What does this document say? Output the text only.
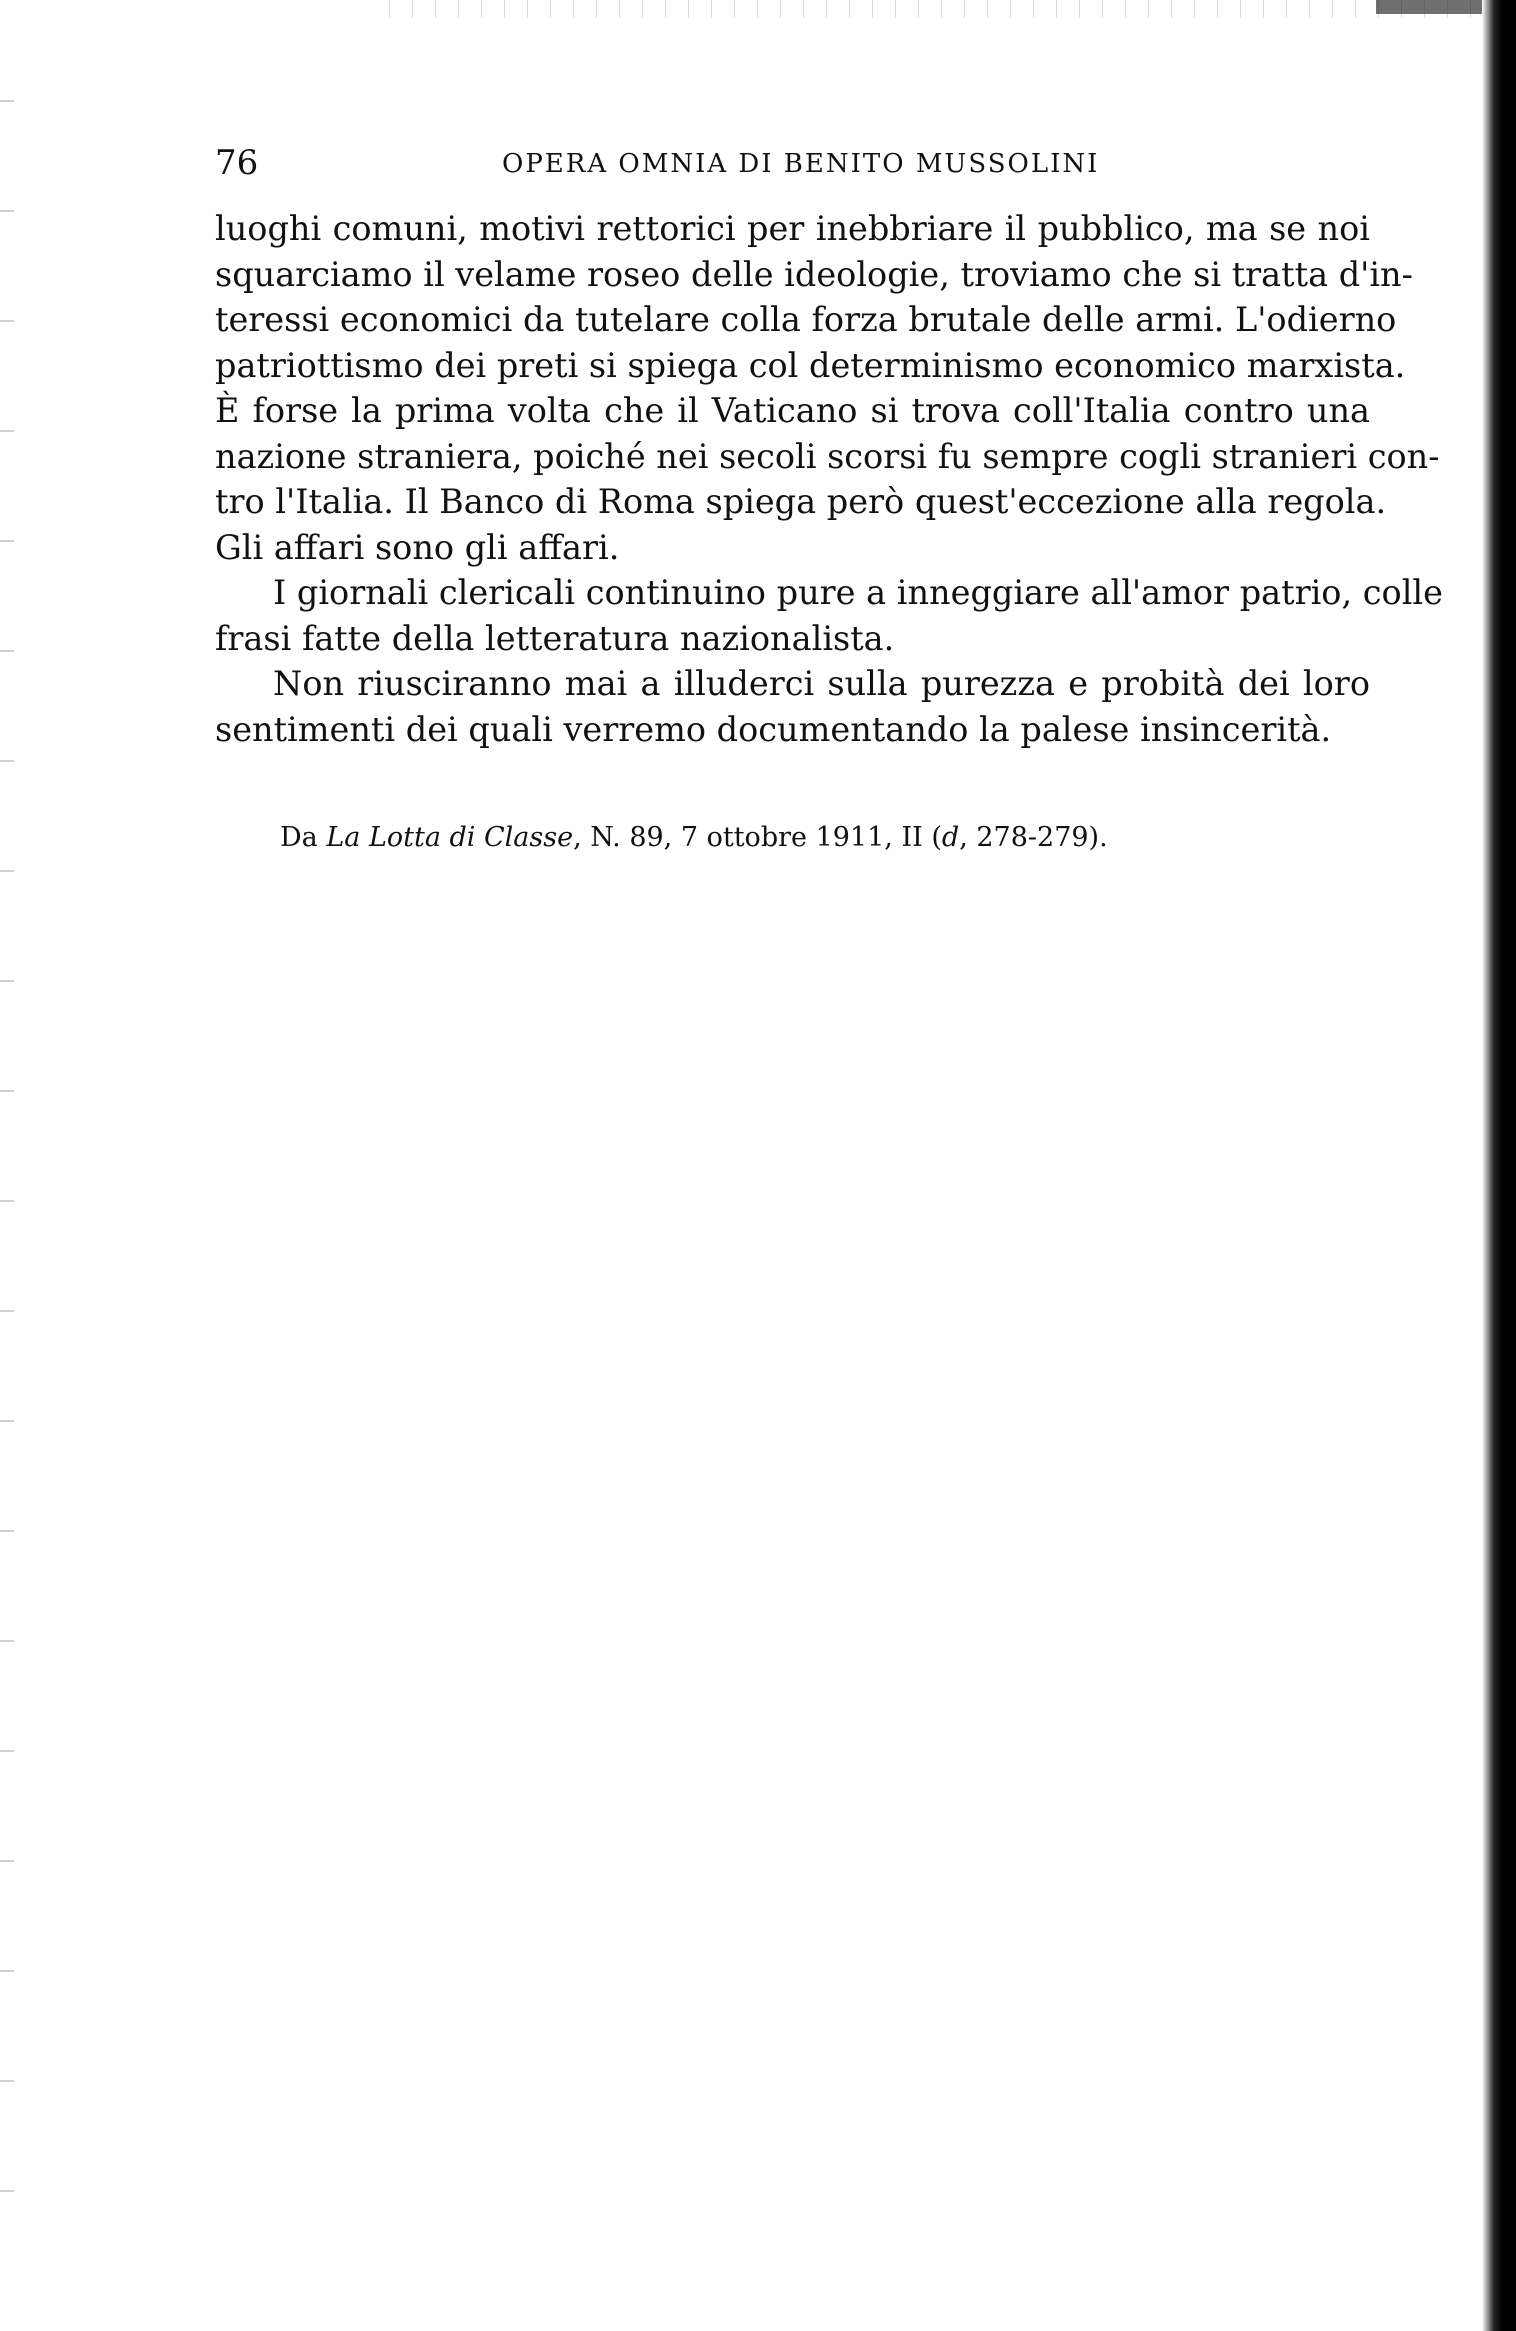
76	OPERA OMNIA DI BENITO MUSSOLINI
luoghi comuni, motivi rettorici per inebbriare il pubblico, ma se noi
squarciamo il velame roseo delle ideologie, troviamo che si tratta d'in-
teressi economici da tutelare colla forza brutale delle armi. L'odierno
patriottismo dei preti si spiega col determinismo economico marxista.
È forse la prima volta che il Vaticano si trova coll'Italia contro una
nazione straniera, poiché nei secoli scorsi fu sempre cogli stranieri con-
tro l'Italia. Il Banco di Roma spiega però quest'eccezione alla regola.
Gli affari sono gli affari.
I giornali clericali continuino pure a inneggiare all'amor patrio, colle
frasi fatte della letteratura nazionalista.
Non riusciranno mai a illuderci sulla purezza e probità dei loro
sentimenti dei quali verremo documentando la palese insincerità.
Da La Lotta di Classe, N. 89, 7 ottobre 1911, II (d, 278-279).
